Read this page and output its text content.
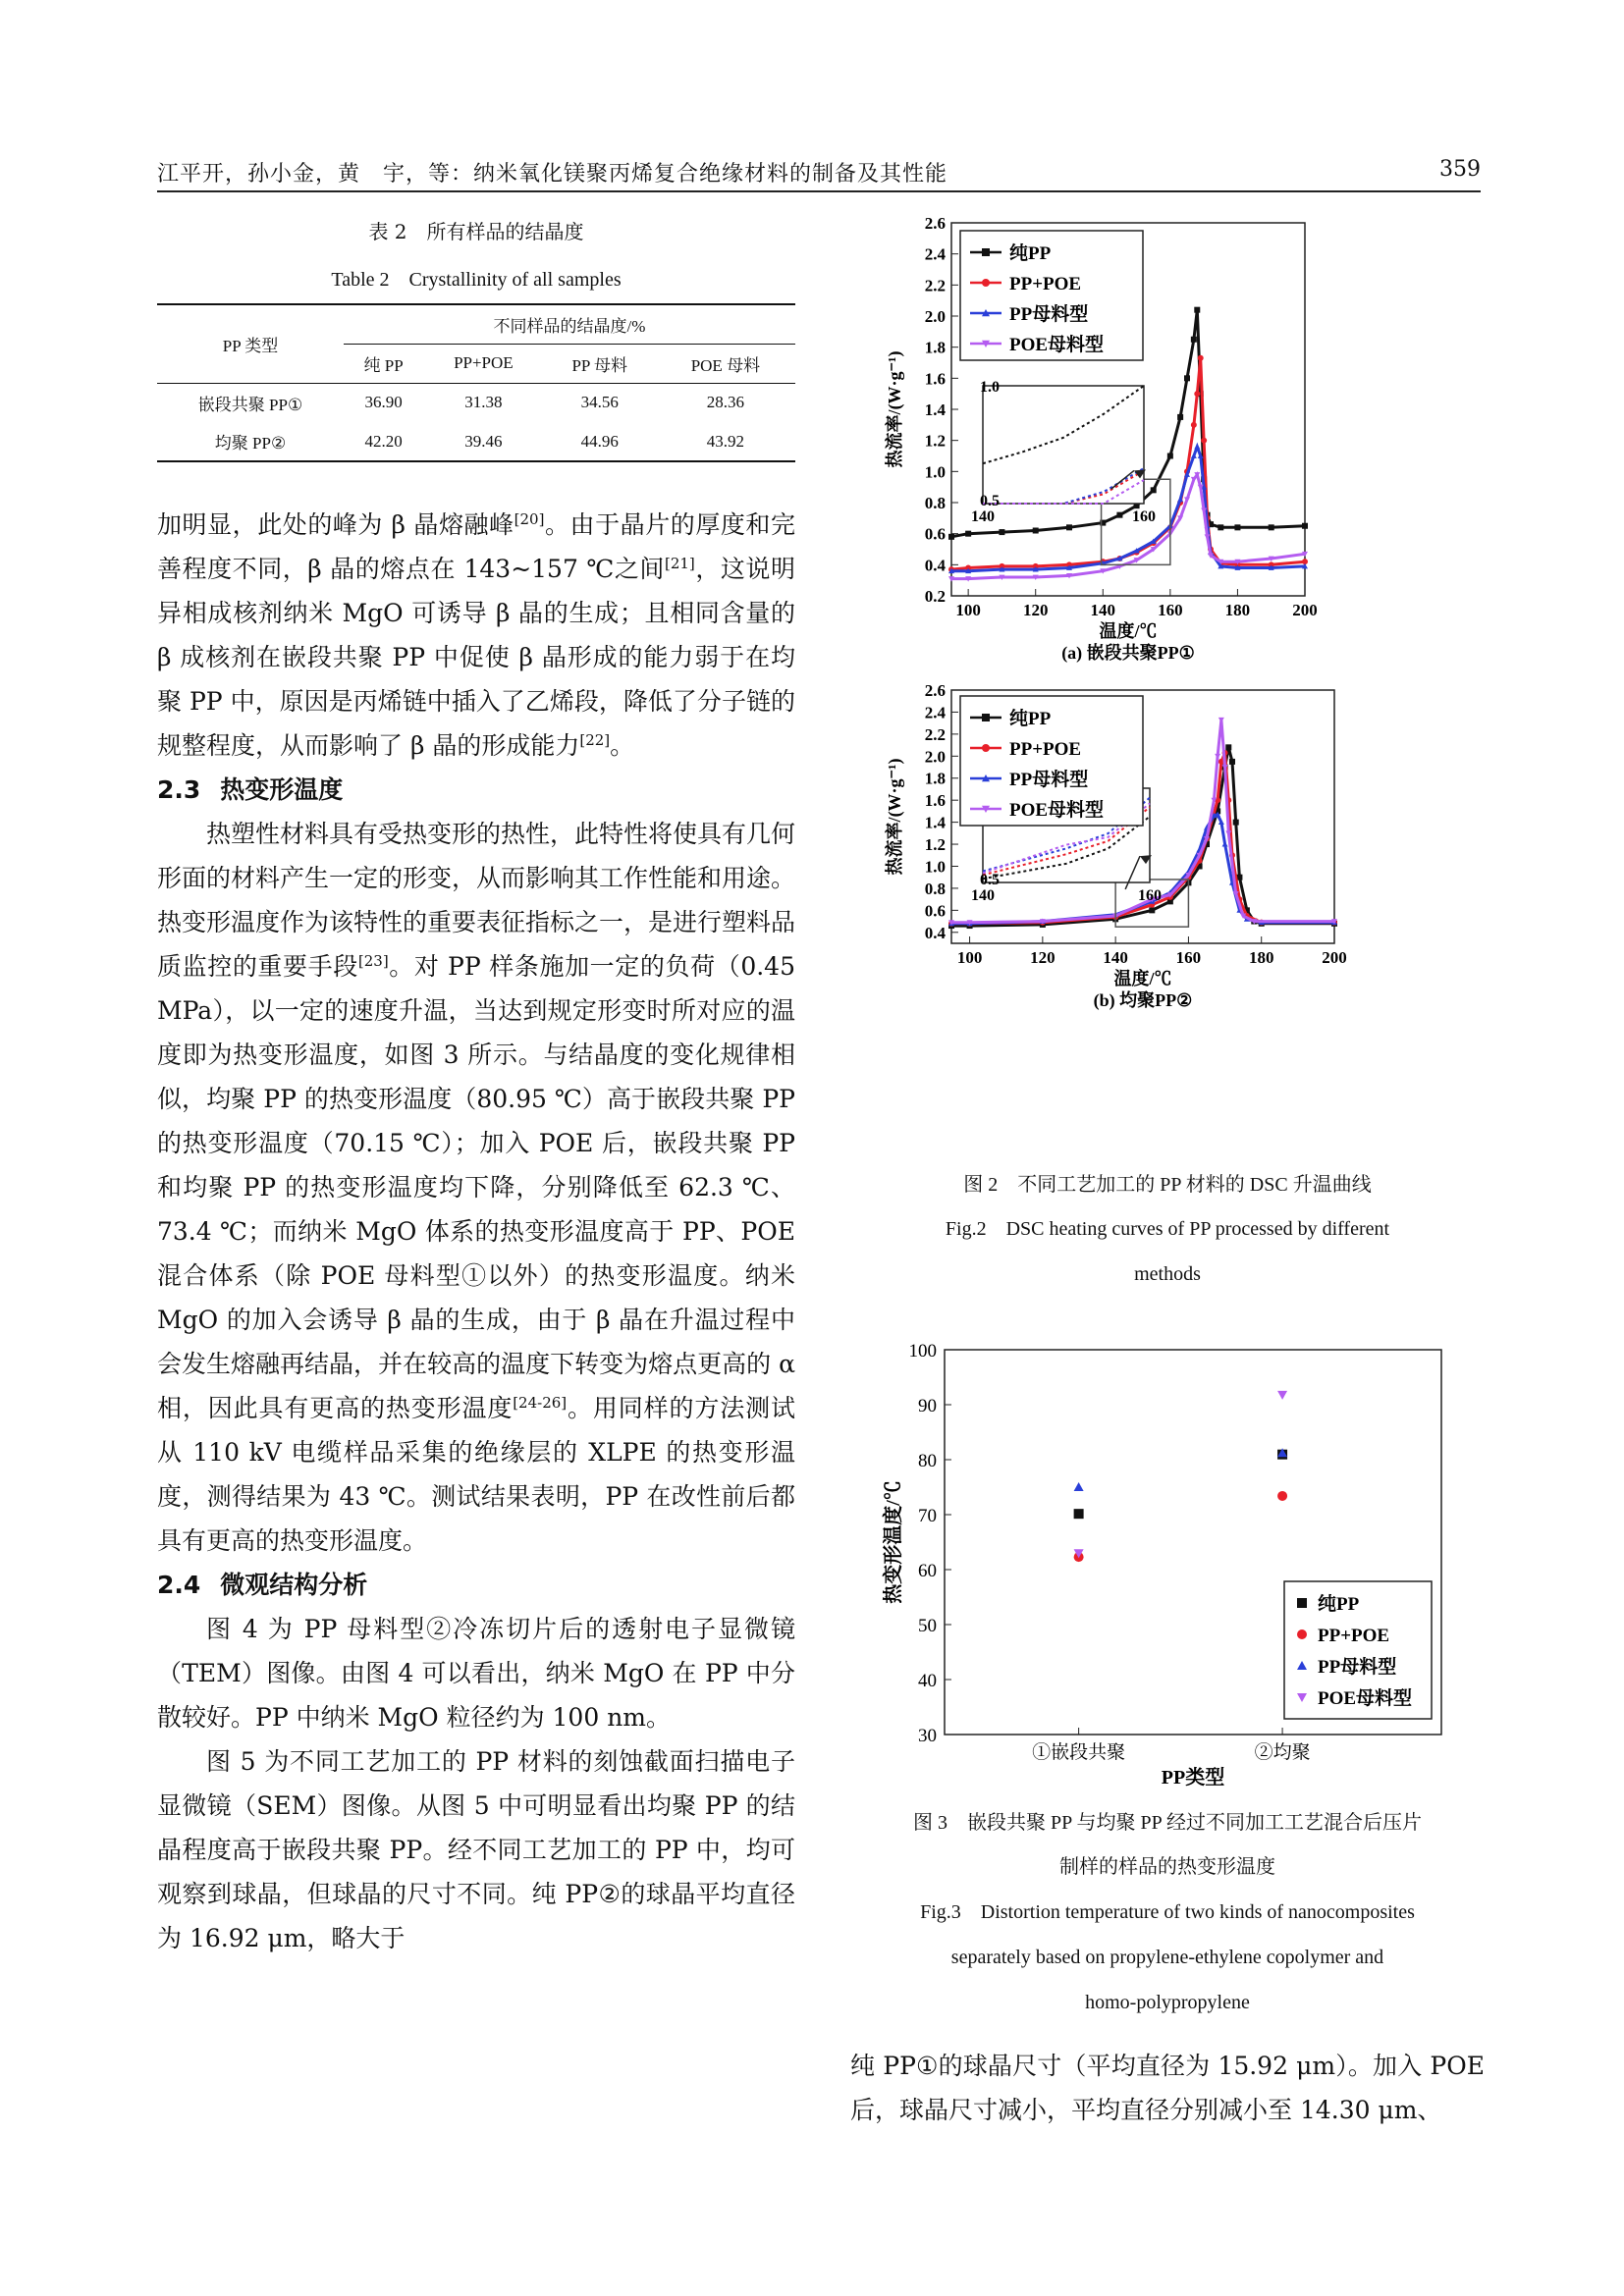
江平开，孙小金，黄　宇，等：纳米氧化镁聚丙烯复合绝缘材料的制备及其性能	359
表 2　所有样品的结晶度
Table 2　Crystallinity of all samples
PP 类型	不同样品的结晶度/%			
	纯 PP	PP+POE	PP 母料	POE 母料
嵌段共聚 PP①	36.90	31.38	34.56	28.36
均聚 PP②	42.20	39.46	44.96	43.92

加明显，此处的峰为 β 晶熔融峰[20]。由于晶片的厚度和完善程度不同，β 晶的熔点在 143~157 ℃之间[21]，这说明异相成核剂纳米 MgO 可诱导 β 晶的生成；且相同含量的 β 成核剂在嵌段共聚 PP 中促使 β 晶形成的能力弱于在均聚 PP 中，原因是丙烯链中插入了乙烯段，降低了分子链的规整程度，从而影响了 β 晶的形成能力[22]。

2.3 热变形温度

热塑性材料具有受热变形的热性，此特性将使具有几何形面的材料产生一定的形变，从而影响其工作性能和用途。热变形温度作为该特性的重要表征指标之一，是进行塑料品质监控的重要手段[23]。对 PP 样条施加一定的负荷（0.45 MPa），以一定的速度升温，当达到规定形变时所对应的温度即为热变形温度，如图 3 所示。与结晶度的变化规律相似，均聚 PP 的热变形温度（80.95 ℃）高于嵌段共聚 PP 的热变形温度（70.15 ℃）；加入 POE 后，嵌段共聚 PP 和均聚 PP 的热变形温度均下降，分别降低至 62.3 ℃、73.4 ℃；而纳米 MgO 体系的热变形温度高于 PP、POE 混合体系（除 POE 母料型①以外）的热变形温度。纳米 MgO 的加入会诱导 β 晶的生成，由于 β 晶在升温过程中会发生熔融再结晶，并在较高的温度下转变为熔点更高的 α 相，因此具有更高的热变形温度[24-26]。用同样的方法测试从 110 kV 电缆样品采集的绝缘层的 XLPE 的热变形温度，测得结果为 43 ℃。测试结果表明，PP 在改性前后都具有更高的热变形温度。

2.4 微观结构分析

图 4 为 PP 母料型②冷冻切片后的透射电子显微镜（TEM）图像。由图 4 可以看出，纳米 MgO 在 PP 中分散较好。PP 中纳米 MgO 粒径约为 100 nm。

图 5 为不同工艺加工的 PP 材料的刻蚀截面扫描电子显微镜（SEM）图像。从图 5 中可明显看出均聚 PP 的结晶程度高于嵌段共聚 PP。经不同工艺加工的 PP 中，均可观察到球晶，但球晶的尺寸不同。纯 PP②的球晶平均直径为 16.92 μm，略大于

100	120	140	160	180	200
0.2
0.4
0.6
0.8
1.0
1.2
1.4
1.6
1.8
2.0
2.2
2.4
2.6
热流率/(W·g⁻¹)
温度/℃
(a) 嵌段共聚PP①
1.0
0.5
140	160
纯PP
PP+POE
PP母料型
POE母料型
100	120	140	160	180	200
0.4
0.6
0.8
1.0
1.2
1.4
1.6
1.8
2.0
2.2
2.4
2.6
热流率/(W·g⁻¹)
温度/℃
(b) 均聚PP②
0.5
140	160
纯PP
PP+POE
PP母料型
POE母料型
图 2　不同工艺加工的 PP 材料的 DSC 升温曲线
Fig.2　DSC heating curves of PP processed by different
methods
30
40
50
60
70
80
90
100
①嵌段共聚	②均聚
PP类型
热变形温度/℃
纯PP
PP+POE
PP母料型
POE母料型
图 3　嵌段共聚 PP 与均聚 PP 经过不同加工工艺混合后压片
制样的样品的热变形温度
Fig.3　Distortion temperature of two kinds of nanocomposites
separately based on propylene-ethylene copolymer and
homo-polypropylene

纯 PP①的球晶尺寸（平均直径为 15.92 μm）。加入 POE 后，球晶尺寸减小，平均直径分别减小至 14.30 μm、
